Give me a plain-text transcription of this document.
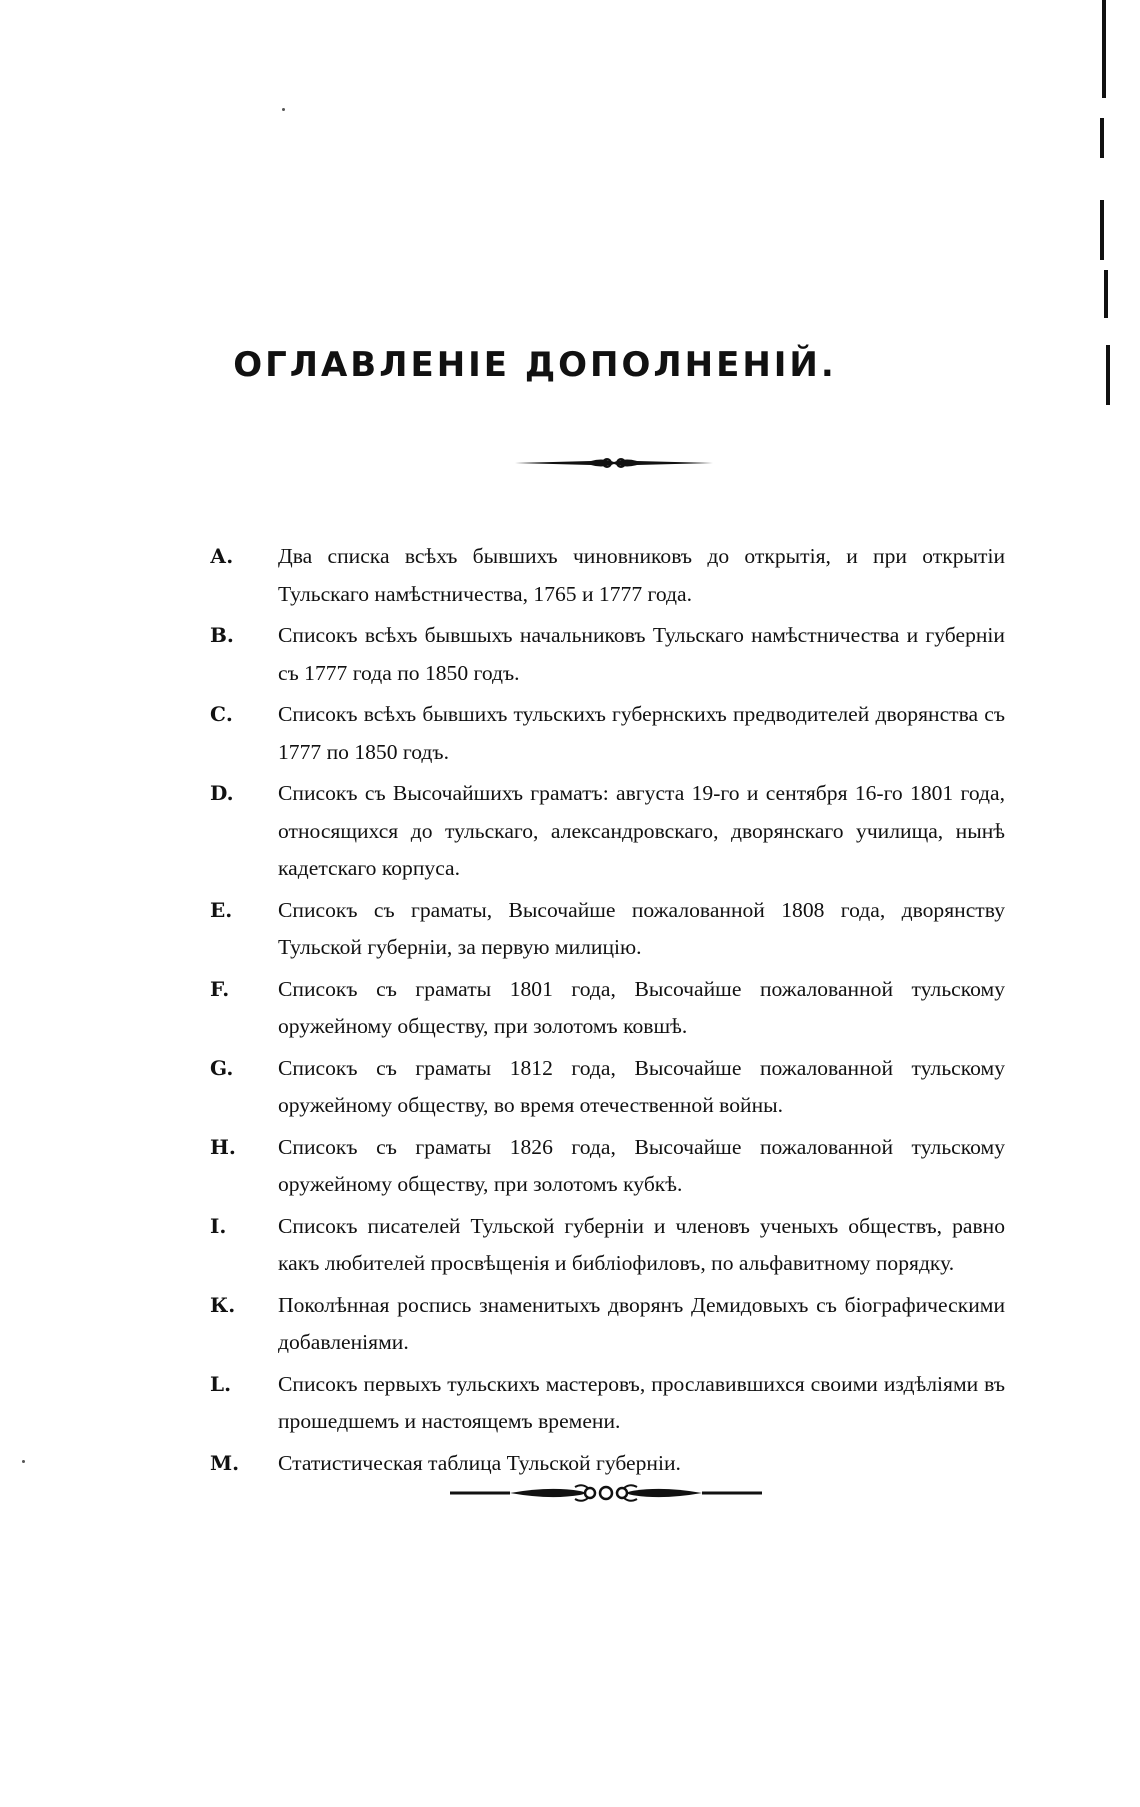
ОГЛАВЛЕНІЕ ДОПОЛНЕНІЙ.
А.	Два списка всѣхъ бывшихъ чиновниковъ до открытія, и при открытіи Тульскаго намѣстничества, 1765 и 1777 года.
В.	Списокъ всѣхъ бывшыхъ начальниковъ Тульскаго намѣстничества и губерніи съ 1777 года по 1850 годъ.
С.	Списокъ всѣхъ бывшихъ тульскихъ губернскихъ предводителей дворянства съ 1777 по 1850 годъ.
D.	Списокъ съ Высочайшихъ граматъ: августа 19-го и сентября 16-го 1801 года, относящихся до тульскаго, александровскаго, дворянскаго училища, нынѣ кадетскаго корпуса.
Е.	Списокъ съ граматы, Высочайше пожалованной 1808 года, дворянству Тульской губерніи, за первую милицію.
F.	Списокъ съ граматы 1801 года, Высочайше пожалованной тульскому оружейному обществу, при золотомъ ковшѣ.
G.	Списокъ съ граматы 1812 года, Высочайше пожалованной тульскому оружейному обществу, во время отечественной войны.
Н.	Списокъ съ граматы 1826 года, Высочайше пожалованной тульскому оружейному обществу, при золотомъ кубкѣ.
I.	Списокъ писателей Тульской губерніи и членовъ ученыхъ обществъ, равно какъ любителей просвѣщенія и библіофиловъ, по альфавитному порядку.
К.	Поколѣнная роспись знаменитыхъ дворянъ Демидовыхъ съ біографическими добавленіями.
L.	Списокъ первыхъ тульскихъ мастеровъ, прославившихся своими издѣліями въ прошедшемъ и настоящемъ времени.
М.	Статистическая таблица Тульской губерніи.
